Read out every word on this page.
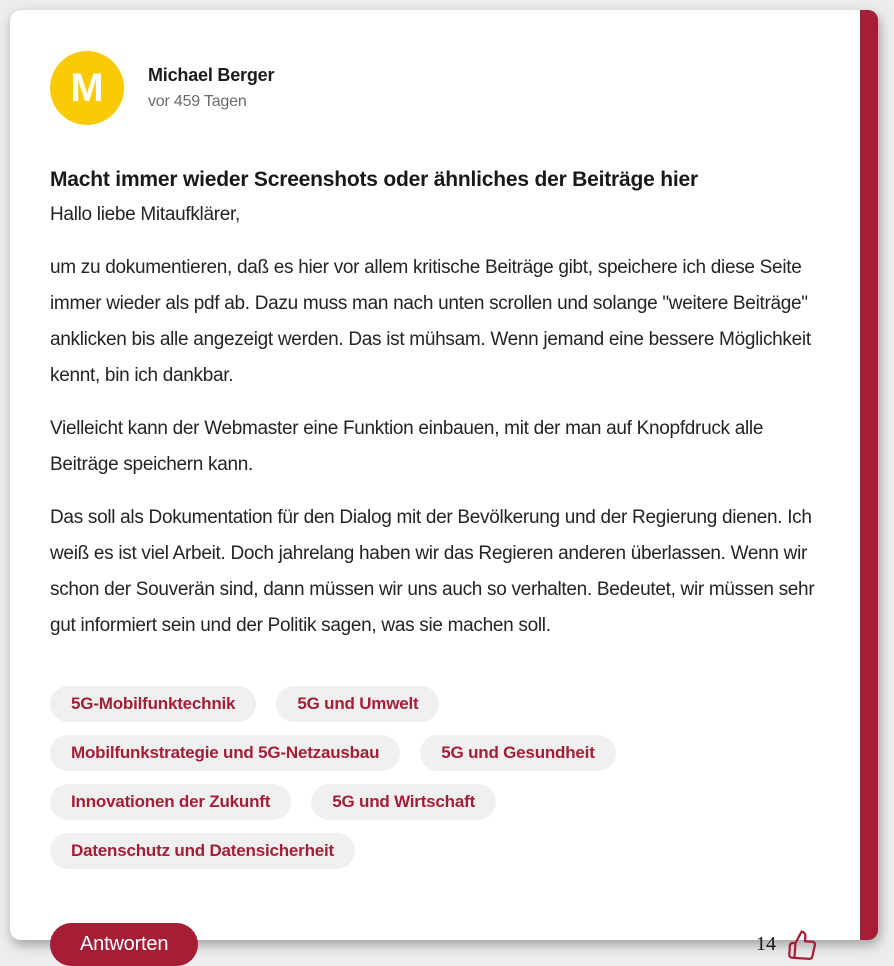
M Michael Berger
vor 459 Tagen
Macht immer wieder Screenshots oder ähnliches der Beiträge hier

Hallo liebe Mitaufklärer,

um zu dokumentieren, daß es hier vor allem kritische Beiträge gibt, speichere ich diese Seite immer wieder als pdf ab. Dazu muss man nach unten scrollen und solange "weitere Beiträge" anklicken bis alle angezeigt werden. Das ist mühsam. Wenn jemand eine bessere Möglichkeit kennt, bin ich dankbar.

Vielleicht kann der Webmaster eine Funktion einbauen, mit der man auf Knopfdruck alle Beiträge speichern kann.

Das soll als Dokumentation für den Dialog mit der Bevölkerung und der Regierung dienen. Ich weiß es ist viel Arbeit. Doch jahrelang haben wir das Regieren anderen überlassen. Wenn wir schon der Souverän sind, dann müssen wir uns auch so verhalten. Bedeutet, wir müssen sehr gut informiert sein und der Politik sagen, was sie machen soll.

5G-Mobilfunktechnik	5G und Umwelt
Mobilfunkstrategie und 5G-Netzausbau	5G und Gesundheit
Innovationen der Zukunft	5G und Wirtschaft
Datenschutz und Datensicherheit
Antworten	14
